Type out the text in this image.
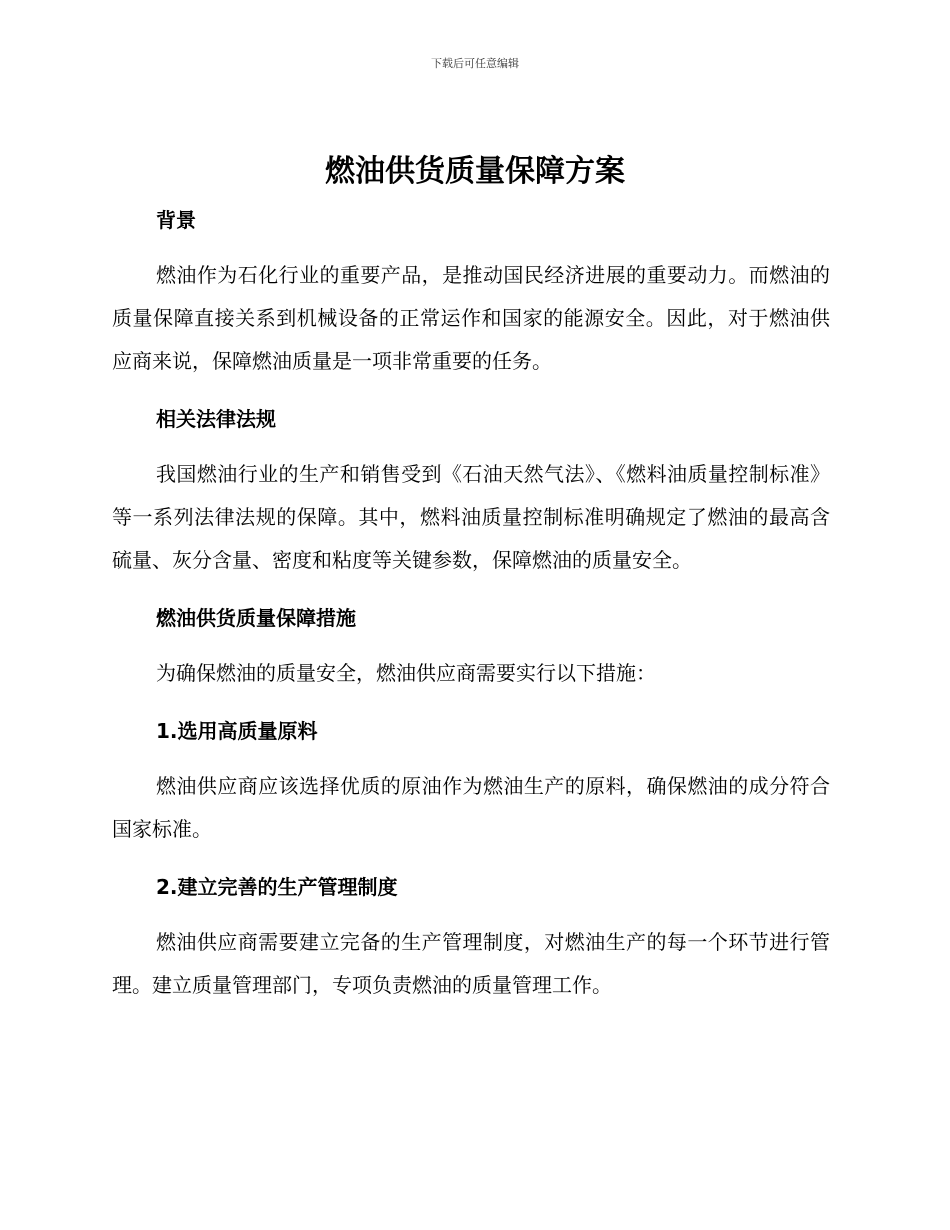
下载后可任意编辑
燃油供货质量保障方案
背景

燃油作为石化行业的重要产品，是推动国民经济进展的重要动力。而燃油的质量保障直接关系到机械设备的正常运作和国家的能源安全。因此，对于燃油供应商来说，保障燃油质量是一项非常重要的任务。

相关法律法规

我国燃油行业的生产和销售受到《石油天然气法》、《燃料油质量控制标准》等一系列法律法规的保障。其中，燃料油质量控制标准明确规定了燃油的最高含硫量、灰分含量、密度和粘度等关键参数，保障燃油的质量安全。

燃油供货质量保障措施

为确保燃油的质量安全，燃油供应商需要实行以下措施：

1.选用高质量原料

燃油供应商应该选择优质的原油作为燃油生产的原料，确保燃油的成分符合国家标准。

2.建立完善的生产管理制度

燃油供应商需要建立完备的生产管理制度，对燃油生产的每一个环节进行管理。建立质量管理部门，专项负责燃油的质量管理工作。
